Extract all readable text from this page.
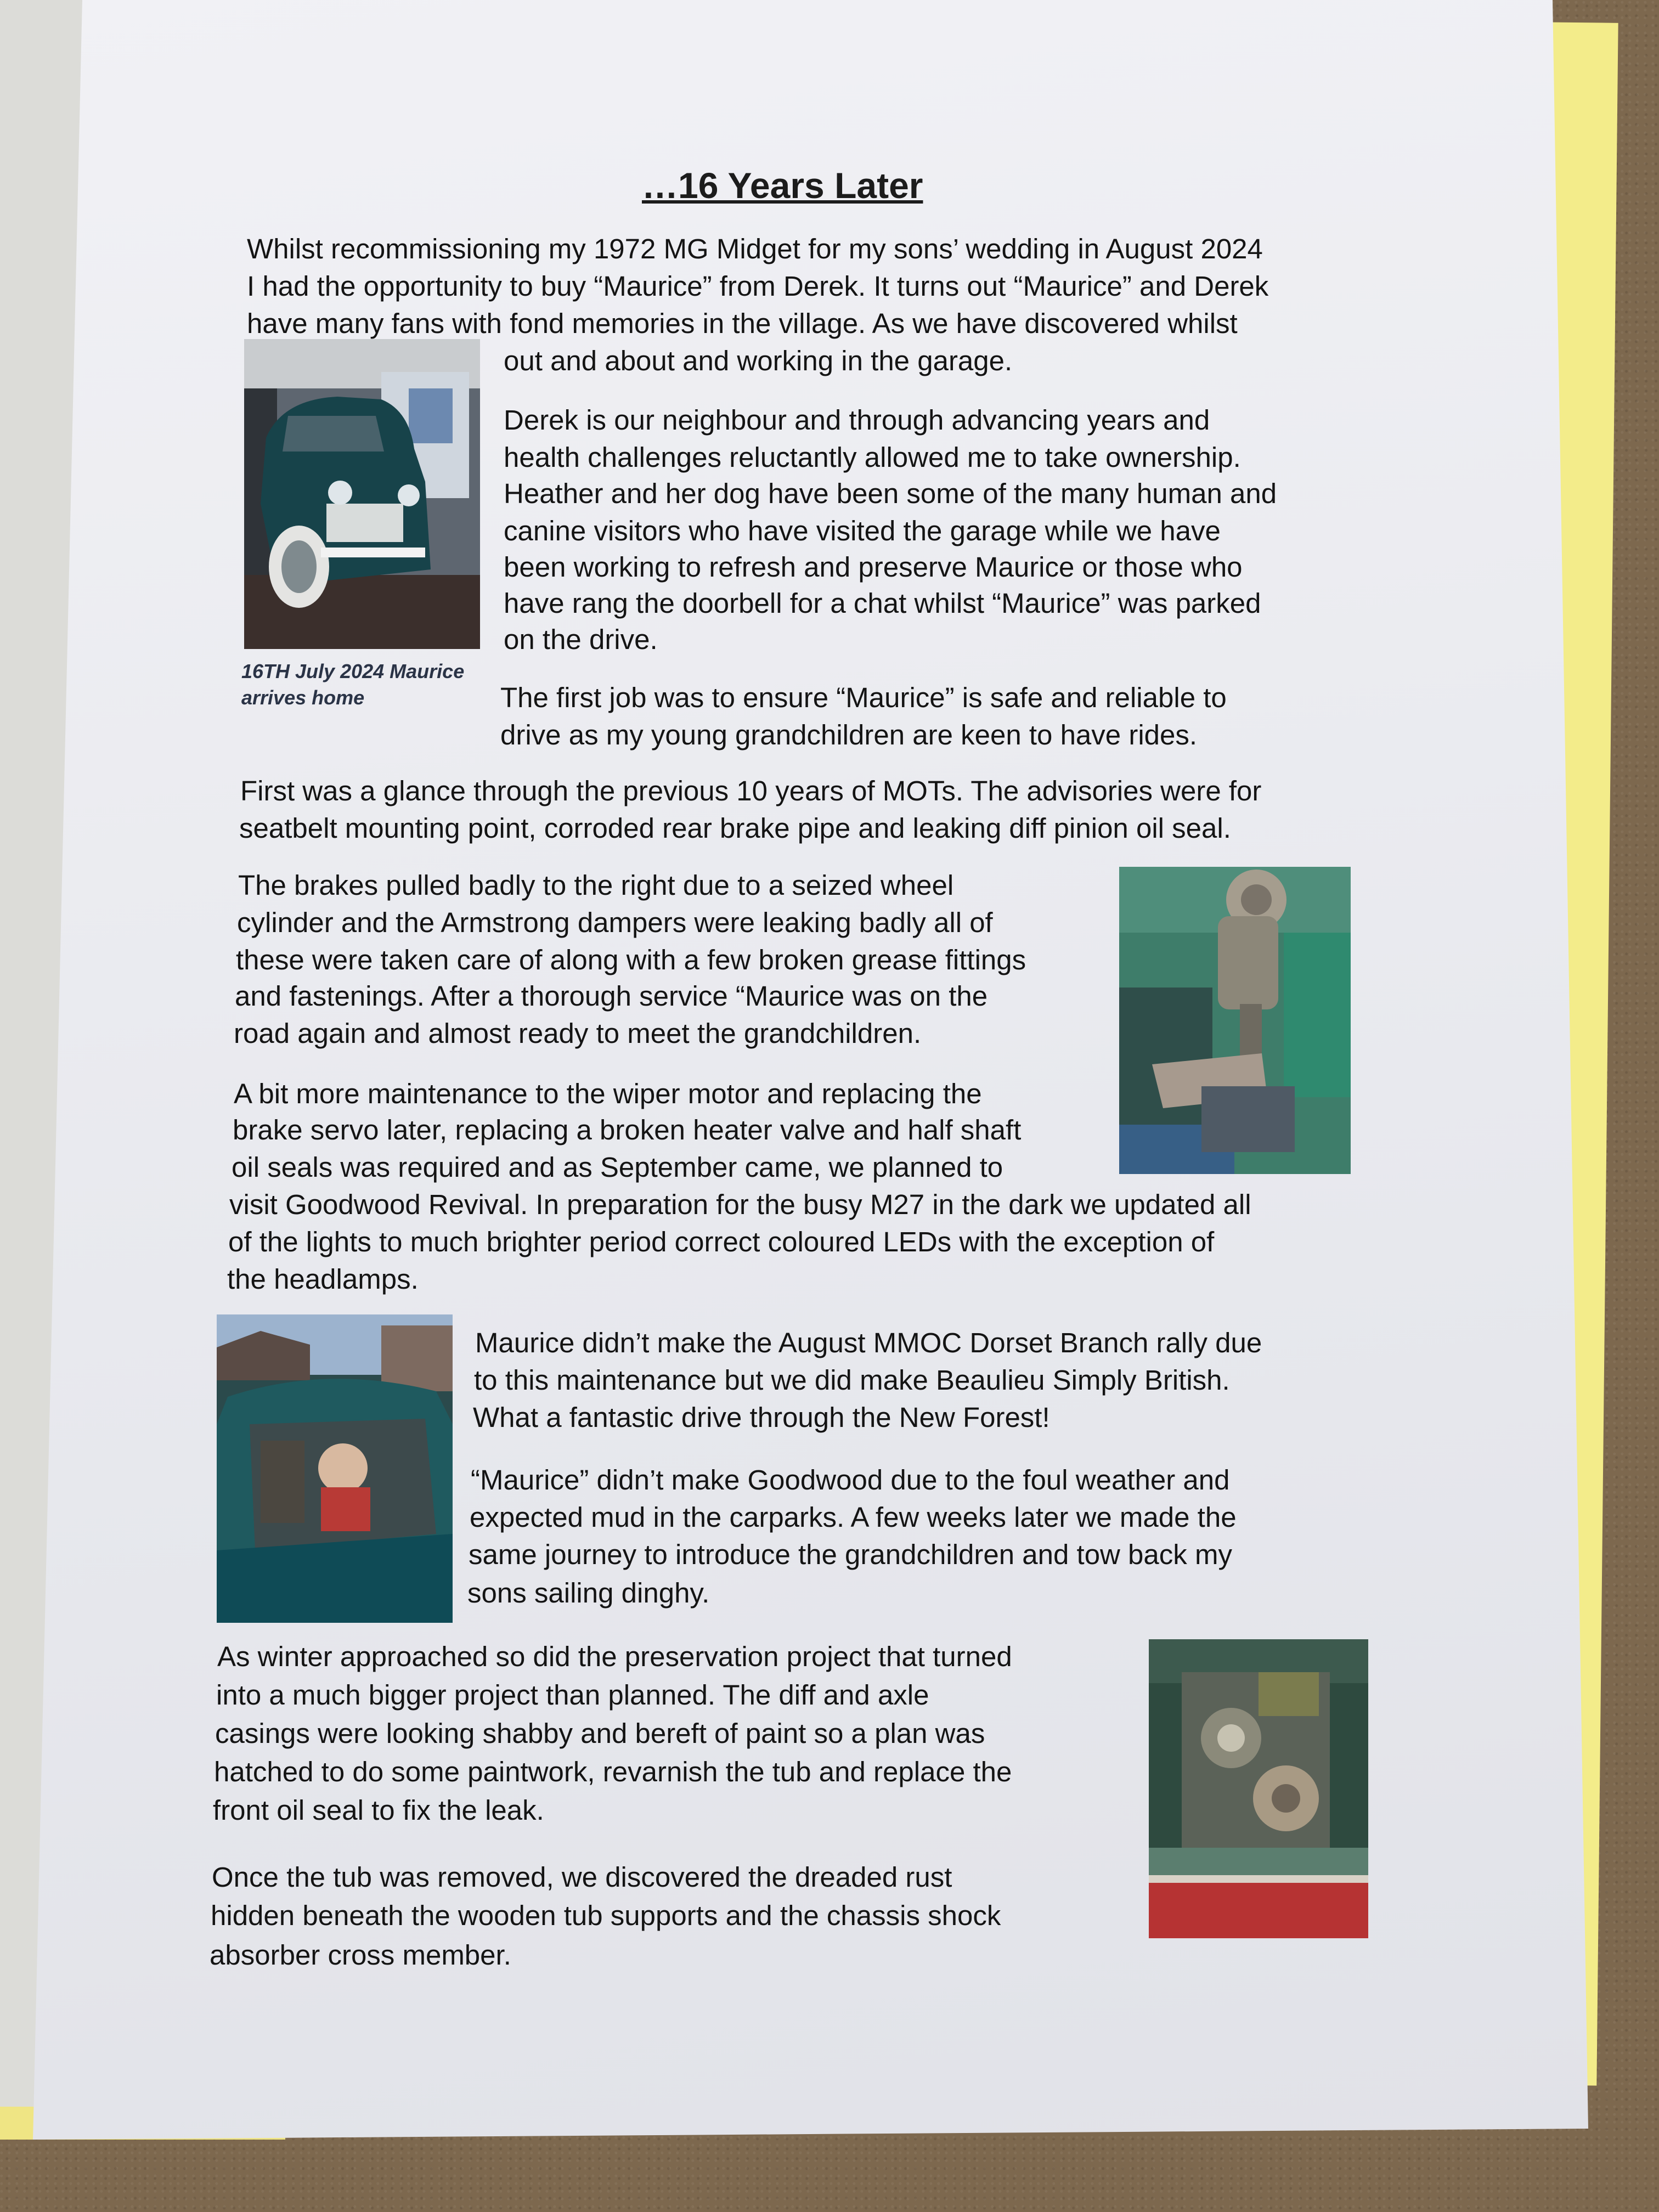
…16 Years Later
Whilst recommissioning my 1972 MG Midget for my sons’ wedding in August 2024
I had the opportunity to buy “Maurice” from Derek. It turns out “Maurice” and Derek
have many fans with fond memories in the village. As we have discovered whilst
out and about and working in the garage.
16TH July 2024 Maurice
arrives home
Derek is our neighbour and through advancing years and
health challenges reluctantly allowed me to take ownership.
Heather and her dog have been some of the many human and
canine visitors who have visited the garage while we have
been working to refresh and preserve Maurice or those who
have rang the doorbell for a chat whilst “Maurice” was parked
on the drive.
The first job was to ensure “Maurice” is safe and reliable to
drive as my young grandchildren are keen to have rides.
First was a glance through the previous 10 years of MOTs. The advisories were for
seatbelt mounting point, corroded rear brake pipe and leaking diff pinion oil seal.
The brakes pulled badly to the right due to a seized wheel
cylinder and the Armstrong dampers were leaking badly all of
these were taken care of along with a few broken grease fittings
and fastenings. After a thorough service “Maurice was on the
road again and almost ready to meet the grandchildren.
A bit more maintenance to the wiper motor and replacing the
brake servo later, replacing a broken heater valve and half shaft
oil seals was required and as September came, we planned to
visit Goodwood Revival. In preparation for the busy M27 in the dark we updated all
of the lights to much brighter period correct coloured LEDs with the exception of
the headlamps.
Maurice didn’t make the August MMOC Dorset Branch rally due
to this maintenance but we did make Beaulieu Simply British.
What a fantastic drive through the New Forest!
“Maurice” didn’t make Goodwood due to the foul weather and
expected mud in the carparks. A few weeks later we made the
same journey to introduce the grandchildren and tow back my
sons sailing dinghy.
As winter approached so did the preservation project that turned
into a much bigger project than planned. The diff and axle
casings were looking shabby and bereft of paint so a plan was
hatched to do some paintwork, revarnish the tub and replace the
front oil seal to fix the leak.
Once the tub was removed, we discovered the dreaded rust
hidden beneath the wooden tub supports and the chassis shock
absorber cross member.
